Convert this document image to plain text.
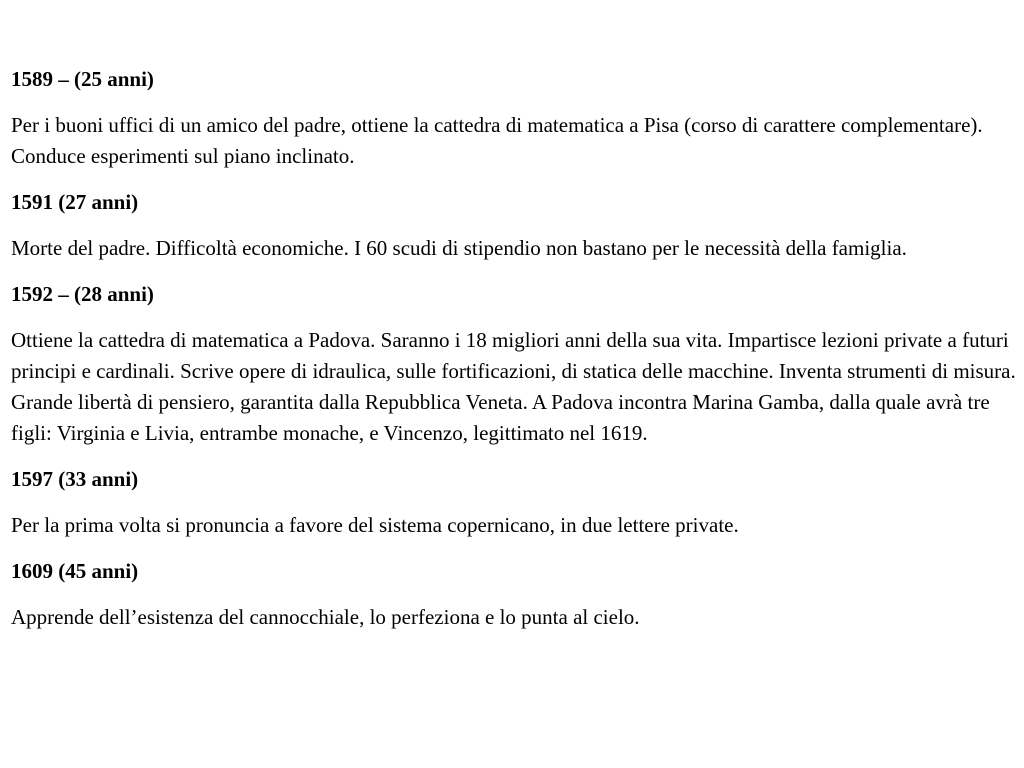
1589 – (25 anni)

Per i buoni uffici di un amico del padre, ottiene la cattedra di matematica a Pisa (corso di carattere complementare). Conduce esperimenti sul piano inclinato.

1591 (27 anni)

Morte del padre. Difficoltà economiche. I 60 scudi di stipendio non bastano per le necessità della famiglia.

1592 – (28 anni)

Ottiene la cattedra di matematica a Padova. Saranno i 18 migliori anni della sua vita. Impartisce lezioni private a futuri principi e cardinali. Scrive opere di idraulica, sulle fortificazioni, di statica delle macchine. Inventa strumenti di misura. Grande libertà di pensiero, garantita dalla Repubblica Veneta. A Padova incontra Marina Gamba, dalla quale avrà tre figli: Virginia e Livia, entrambe monache, e Vincenzo, legittimato nel 1619.

1597 (33 anni)

Per la prima volta si pronuncia a favore del sistema copernicano, in due lettere private.

1609 (45 anni)

Apprende dell’esistenza del cannocchiale, lo perfeziona e lo punta al cielo.
